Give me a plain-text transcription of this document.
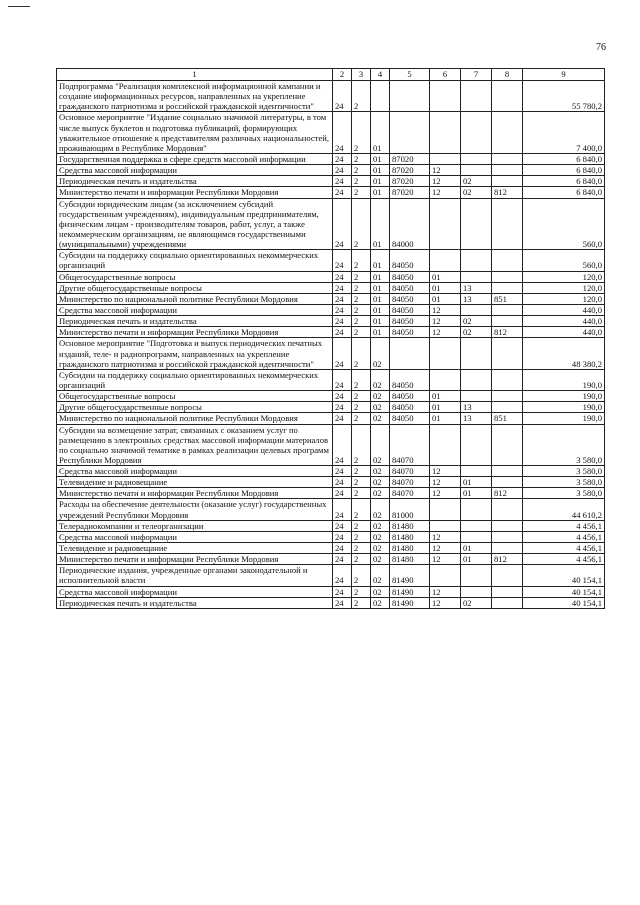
76
1	2	3	4	5	6	7	8	9
Подпрограмма "Реализация комплексной информационной кампании и создание информационных ресурсов, направленных на укрепление гражданского патриотизма и российской гражданской идентичности"	24	2						55 780,2
Основное мероприятие "Издание социально значимой литературы, в том числе выпуск буклетов и подготовка публикаций, формирующих уважительное отношение к представителям различных национальностей, проживающим в Республике Мордовия"	24	2	01					7 400,0
Государственная поддержка в сфере средств массовой информации	24	2	01	87020				6 840,0
Средства массовой информации	24	2	01	87020	12			6 840,0
Периодическая печать и издательства	24	2	01	87020	12	02		6 840,0
Министерство печати и информации Республики Мордовия	24	2	01	87020	12	02	812	6 840,0
Субсидии юридическим лицам (за исключением субсидий государственным учреждениям), индивидуальным предпринимателям, физическим лицам - производителям товаров, работ, услуг, а также некоммерческим организациям, не являющимся государственными (муниципальными) учреждениями	24	2	01	84000				560,0
Субсидии на поддержку социально ориентированных некоммерческих организаций	24	2	01	84050				560,0
Общегосударственные вопросы	24	2	01	84050	01			120,0
Другие общегосударственные вопросы	24	2	01	84050	01	13		120,0
Министерство по национальной политике Республики Мордовия	24	2	01	84050	01	13	851	120,0
Средства массовой информации	24	2	01	84050	12			440,0
Периодическая печать и издательства	24	2	01	84050	12	02		440,0
Министерство печати и информации Республики Мордовия	24	2	01	84050	12	02	812	440,0
Основное мероприятие "Подготовка и выпуск периодических печатных изданий, теле- и радиопрограмм, направленных на укрепление гражданского патриотизма и российской гражданской идентичности"	24	2	02					48 380,2
Субсидии на поддержку социально ориентированных некоммерческих организаций	24	2	02	84050				190,0
Общегосударственные вопросы	24	2	02	84050	01			190,0
Другие общегосударственные вопросы	24	2	02	84050	01	13		190,0
Министерство по национальной политике Республики Мордовия	24	2	02	84050	01	13	851	190,0
Субсидии на возмещение затрат, связанных с оказанием услуг по размещению в электронных средствах массовой информации материалов по социально значимой тематике в рамках реализации целевых программ Республики Мордовия	24	2	02	84070				3 580,0
Средства массовой информации	24	2	02	84070	12			3 580,0
Телевидение и радиовещание	24	2	02	84070	12	01		3 580,0
Министерство печати и информации Республики Мордовия	24	2	02	84070	12	01	812	3 580,0
Расходы на обеспечение деятельности (оказание услуг) государственных учреждений Республики Мордовия	24	2	02	81000				44 610,2
Телерадиокомпании и телеорганизации	24	2	02	81480				4 456,1
Средства массовой информации	24	2	02	81480	12			4 456,1
Телевидение и радиовещание	24	2	02	81480	12	01		4 456,1
Министерство печати и информации Республики Мордовия	24	2	02	81480	12	01	812	4 456,1
Периодические издания, учрежденные органами законодательной и исполнительной власти	24	2	02	81490				40 154,1
Средства массовой информации	24	2	02	81490	12			40 154,1
Периодическая печать и издательства	24	2	02	81490	12	02		40 154,1
